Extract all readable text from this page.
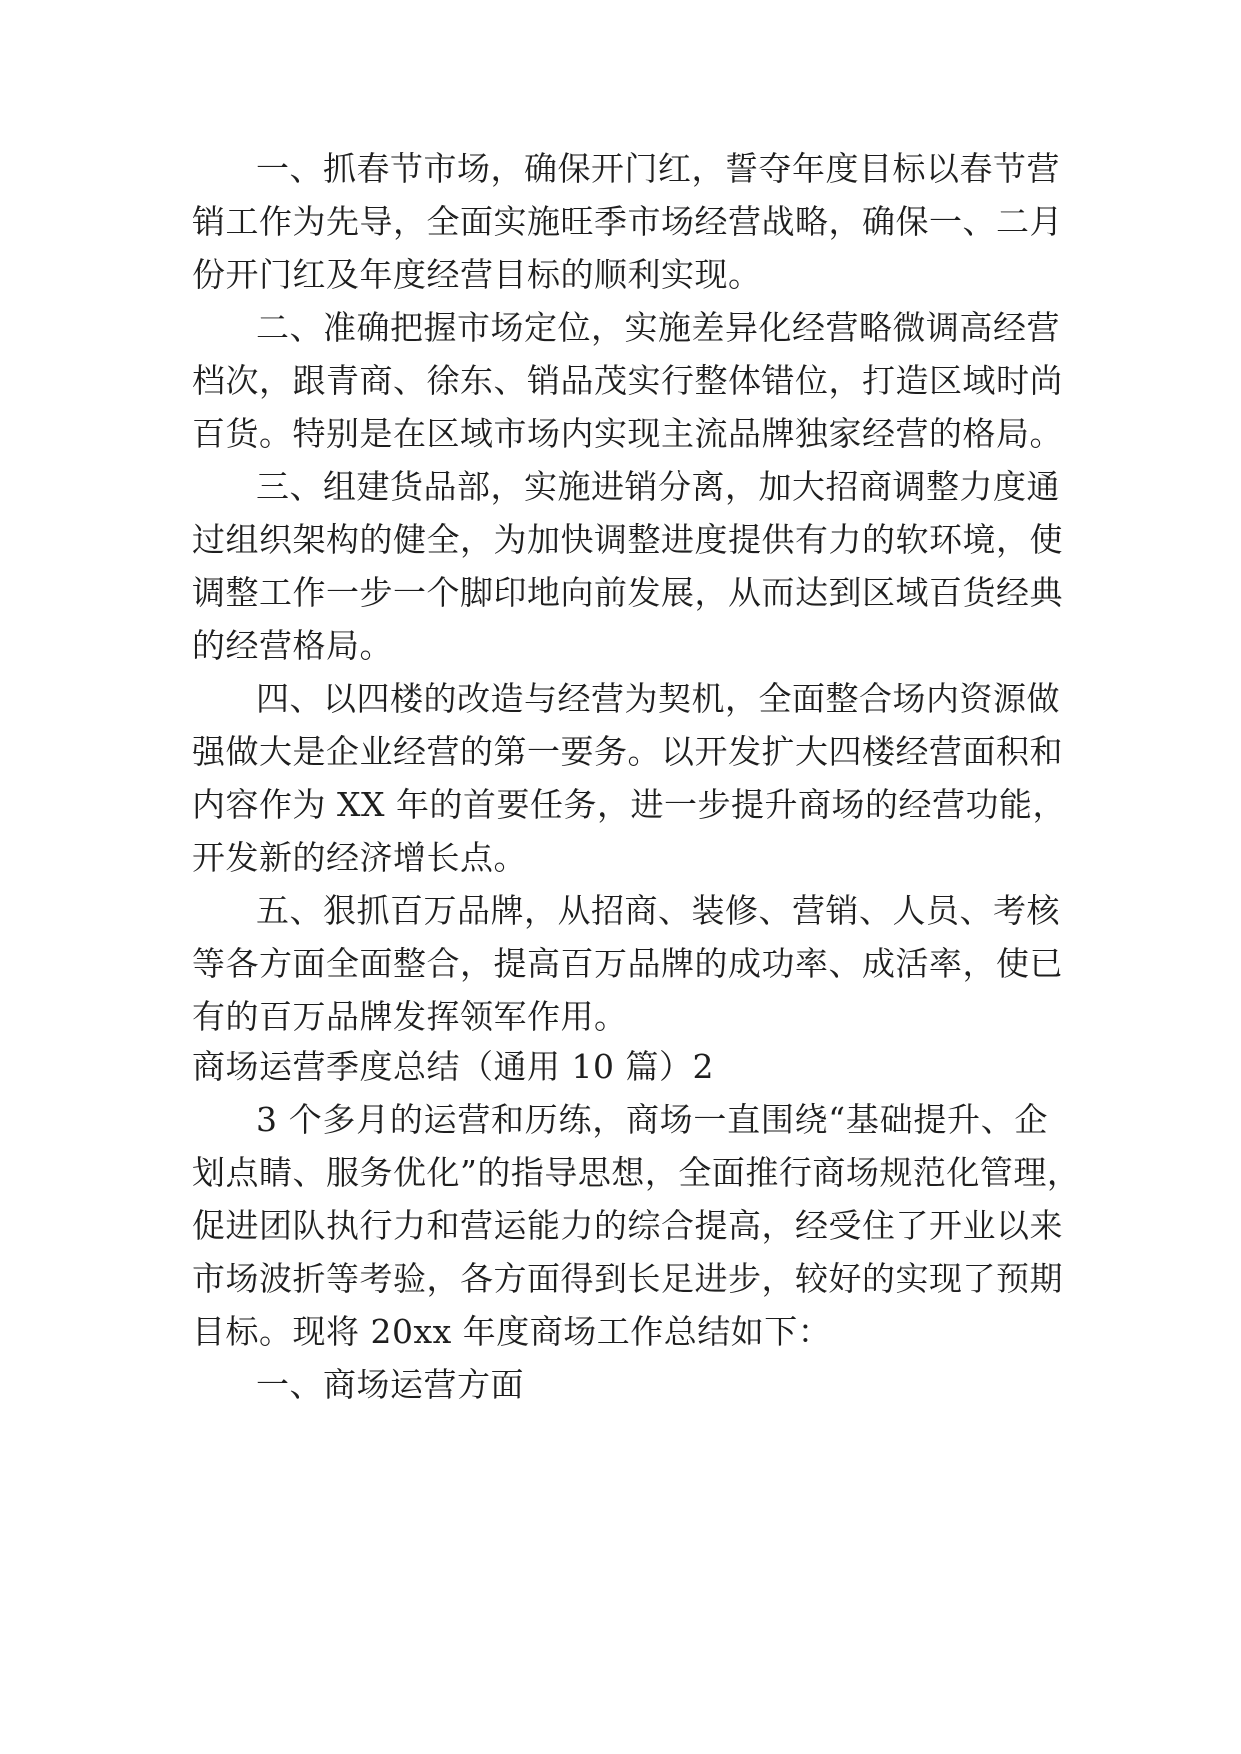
一、抓春节市场，确保开门红，誓夺年度目标以春节营
销工作为先导，全面实施旺季市场经营战略，确保一、二月
份开门红及年度经营目标的顺利实现。
二、准确把握市场定位，实施差异化经营略微调高经营
档次，跟青商、徐东、销品茂实行整体错位，打造区域时尚
百货。特别是在区域市场内实现主流品牌独家经营的格局。
三、组建货品部，实施进销分离，加大招商调整力度通
过组织架构的健全，为加快调整进度提供有力的软环境，使
调整工作一步一个脚印地向前发展，从而达到区域百货经典
的经营格局。
四、以四楼的改造与经营为契机，全面整合场内资源做
强做大是企业经营的第一要务。以开发扩大四楼经营面积和
内容作为 XX 年的首要任务，进一步提升商场的经营功能，
开发新的经济增长点。
五、狠抓百万品牌，从招商、装修、营销、人员、考核
等各方面全面整合，提高百万品牌的成功率、成活率，使已
有的百万品牌发挥领军作用。
商场运营季度总结（通用 10 篇）2
3 个多月的运营和历练，商场一直围绕“基础提升、企
划点睛、服务优化”的指导思想，全面推行商场规范化管理，
促进团队执行力和营运能力的综合提高，经受住了开业以来
市场波折等考验，各方面得到长足进步，较好的实现了预期
目标。现将 20xx 年度商场工作总结如下：
一、商场运营方面
